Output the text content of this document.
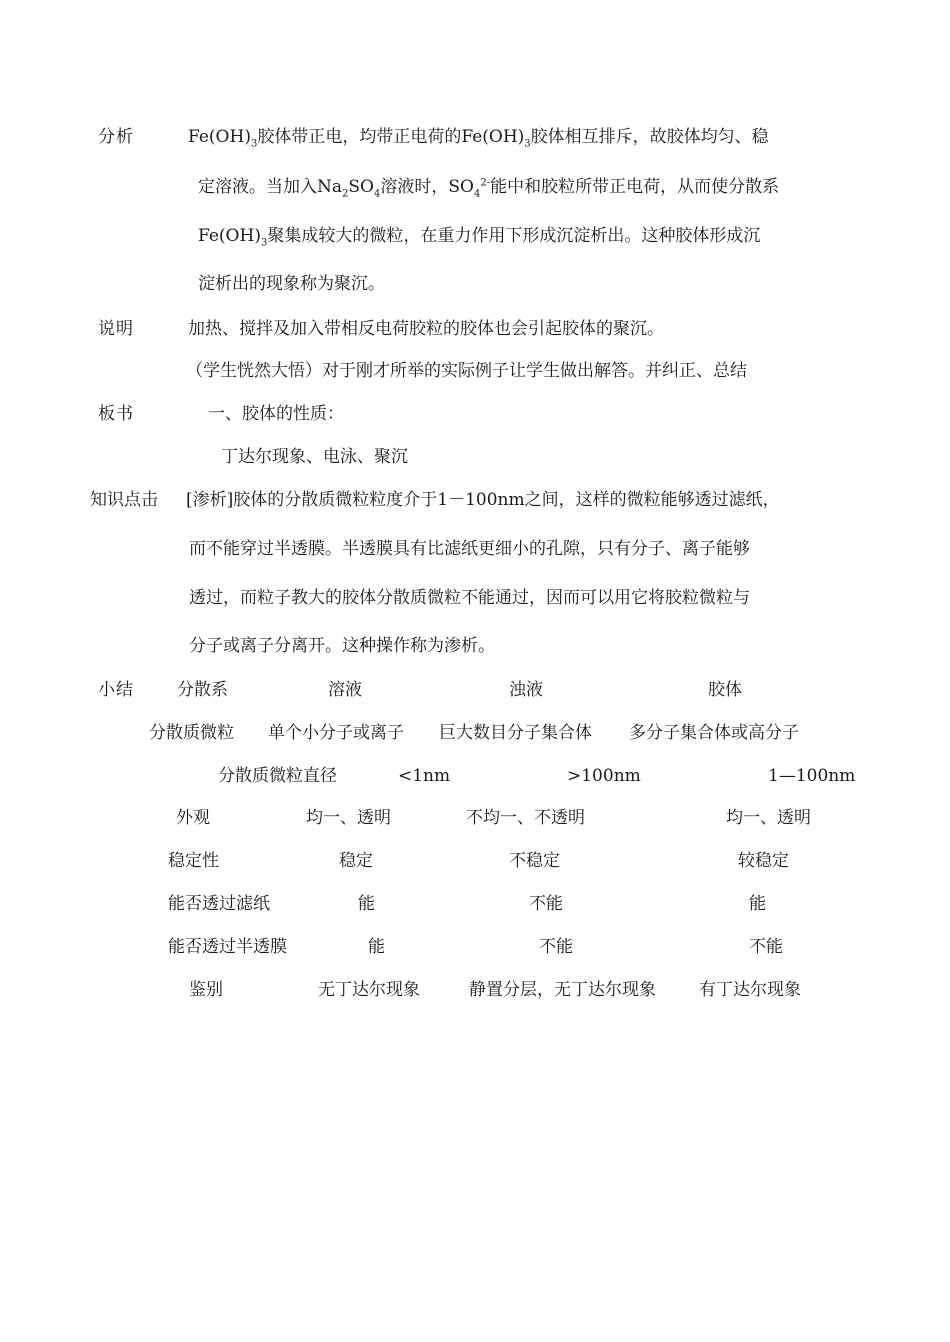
分析	$Fe(OH)_3$胶体带正电，均带正电荷的$Fe(OH)_3$胶体相互排斥，故胶体均匀、稳
定溶液。当加入$Na_2SO_4$溶液时，$SO_4^{2-}$能中和胶粒所带正电荷，从而使分散系
$Fe(OH)_3$聚集成较大的微粒，在重力作用下形成沉淀析出。这种胶体形成沉
淀析出的现象称为聚沉。
说明	加热、搅拌及加入带相反电荷胶粒的胶体也会引起胶体的聚沉。
（学生恍然大悟）对于刚才所举的实际例子让学生做出解答。并纠正、总结
板书	一、胶体的性质：
丁达尔现象、电泳、聚沉
知识点击 [渗析]胶体的分散质微粒粒度介于1－100nm之间，这样的微粒能够透过滤纸，
而不能穿过半透膜。半透膜具有比滤纸更细小的孔隙，只有分子、离子能够
透过，而粒子教大的胶体分散质微粒不能通过，因而可以用它将胶粒微粒与
分子或离子分离开。这种操作称为渗析。
小结	分散系	溶液	浊液	胶体
分散质微粒 单个小分子或离子 巨大数目分子集合体 多分子集合体或高分子
分散质微粒直径	<1nm	>100nm	1—100nm
外观	均一、透明	不均一、不透明	均一、透明
稳定性	稳定	不稳定	较稳定
能否透过滤纸	能	不能	能
能否透过半透膜	能	不能	不能
鉴别	无丁达尔现象	静置分层，无丁达尔现象	有丁达尔现象
